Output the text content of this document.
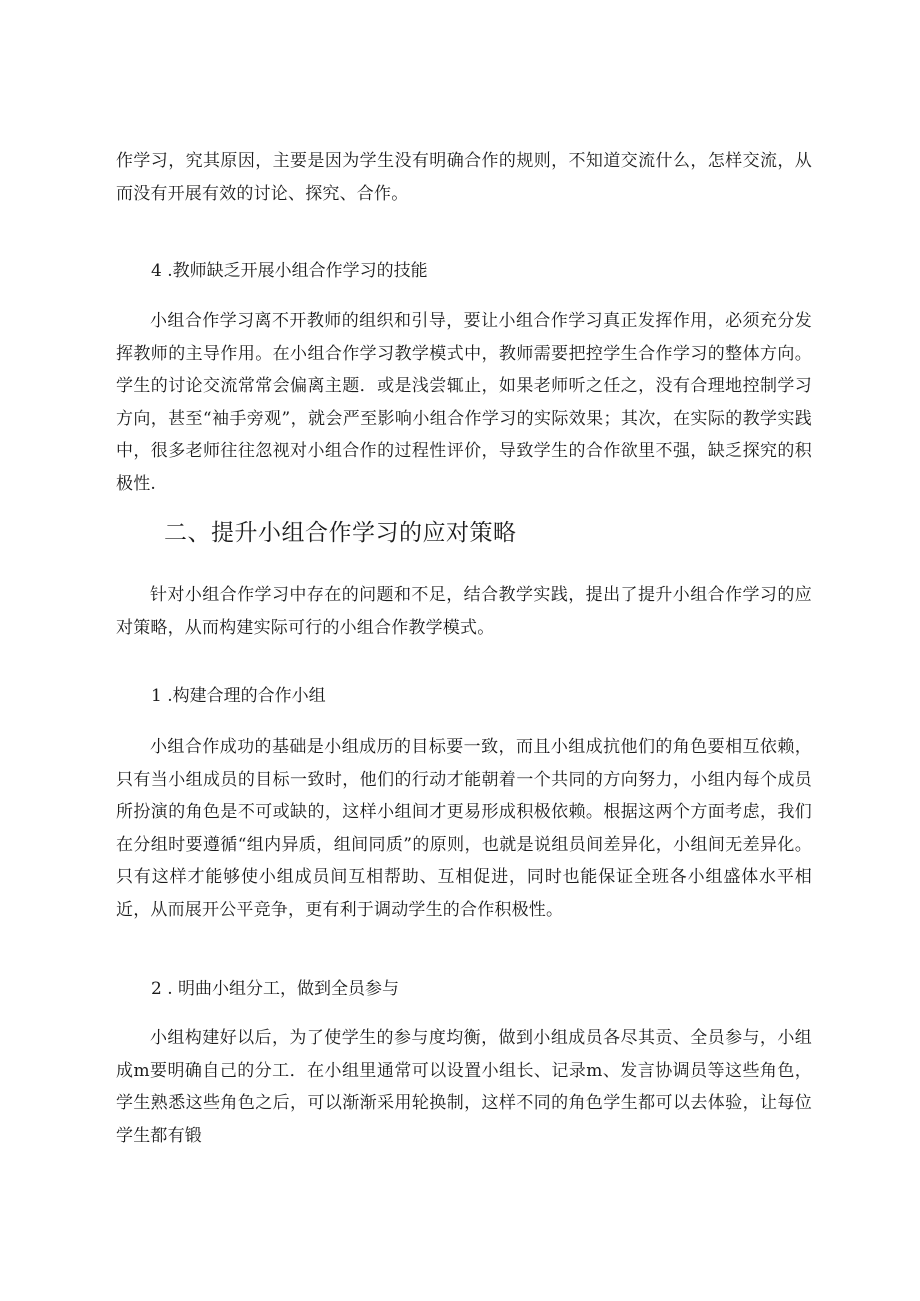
作学习，究其原因，主要是因为学生没有明确合作的规则，不知道交流什么，怎样交流，从而没有开展有效的讨论、探究、合作。

4 .教师缺乏开展小组合作学习的技能

小组合作学习离不开教师的组织和引导，要让小组合作学习真正发挥作用，必须充分发挥教师的主导作用。在小组合作学习教学模式中，教师需要把控学生合作学习的整体方向。学生的讨论交流常常会偏离主题．或是浅尝辄止，如果老师听之任之，没有合理地控制学习方向，甚至“袖手旁观”，就会严至影响小组合作学习的实际效果；其次，在实际的教学实践中，很多老师往往忽视对小组合作的过程性评价，导致学生的合作欲里不强，缺乏探究的积极性.

二、提升小组合作学习的应对策略

针对小组合作学习中存在的问题和不足，结合教学实践，提出了提升小组合作学习的应对策略，从而构建实际可行的小组合作教学模式。

1 .构建合理的合作小组

小组合作成功的基础是小组成历的目标要一致，而且小组成抗他们的角色要相互依赖，只有当小组成员的目标一致时，他们的行动才能朝着一个共同的方向努力，小组内每个成员所扮演的角色是不可或缺的，这样小组间才更易形成积极依赖。根据这两个方面考虑，我们在分组时要遵循“组内异质，组间同质”的原则，也就是说组员间差异化，小组间无差异化。只有这样才能够使小组成员间互相帮助、互相促进，同时也能保证全班各小组盛体水平相近，从而展开公平竞争，更有利于调动学生的合作积极性。

2 . 明曲小组分工，做到全员参与

小组构建好以后，为了使学生的参与度均衡，做到小组成员各尽其贡、全员参与，小组成m要明确自己的分工．在小组里通常可以设置小组长、记录m、发言协调员等这些角色，学生熟悉这些角色之后，可以渐渐采用轮换制，这样不同的角色学生都可以去体验，让每位学生都有锻
